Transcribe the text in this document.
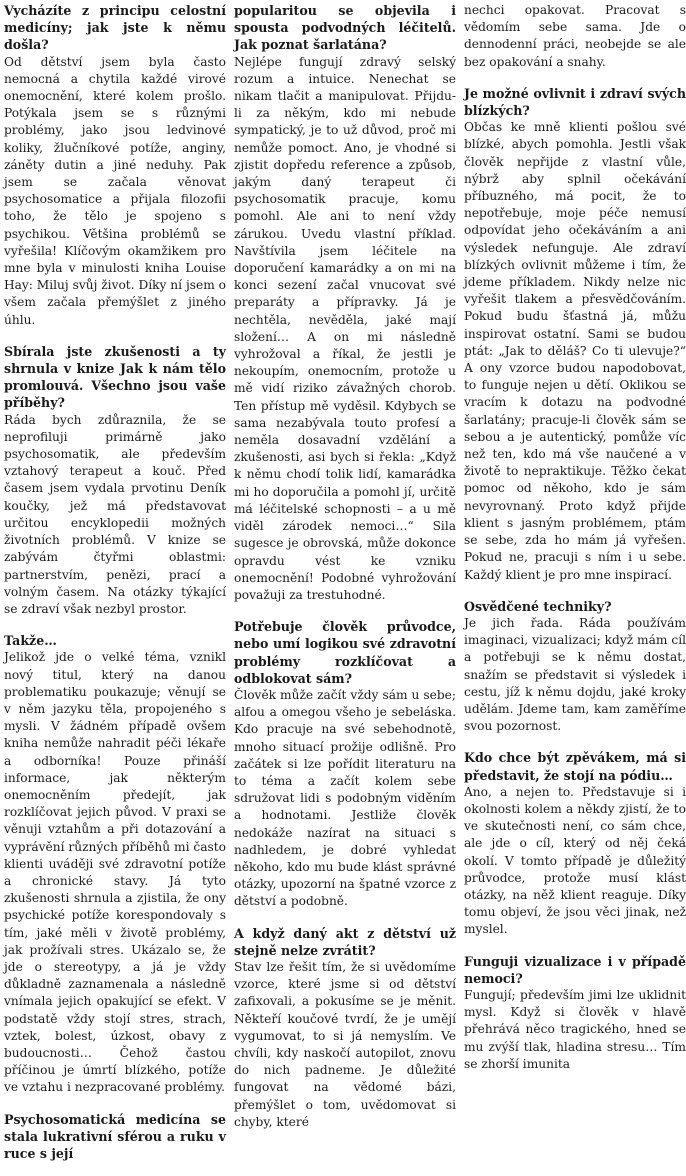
Vycházíte z principu celostní medicíny; jak jste k němu došla?

Od dětství jsem byla často nemocná a chytila každé virové onemocnění, které kolem prošlo. Potýkala jsem se s různými problémy, jako jsou ledvinové koliky, žlučníkové potíže, anginy, záněty dutin a jiné neduhy. Pak jsem se začala věnovat psychosomatice a přijala filozofii toho, že tělo je spojeno s psychikou. Většina problémů se vyřešila! Klíčovým okamžikem pro mne byla v minulosti kniha Louise Hay: Miluj svůj život. Díky ní jsem o všem začala přemýšlet z jiného úhlu.

Sbírala jste zkušenosti a ty shrnula v knize Jak k nám tělo promlouvá. Všechno jsou vaše příběhy?

Ráda bych zdůraznila, že se neprofiluji primárně jako psychosomatik, ale především vztahový terapeut a kouč. Před časem jsem vydala prvotinu Deník koučky, jež má představovat určitou encyklopedii možných životních problémů. V knize se zabývám čtyřmi oblastmi: partnerstvím, penězi, prací a volným časem. Na otázky týkající se zdraví však nezbyl prostor.

Takže…

Jelikož jde o velké téma, vznikl nový titul, který na danou problematiku poukazuje; věnují se v něm jazyku těla, propojeného s mysli. V žádném případě ovšem kniha nemůže nahradit péči lékaře a odborníka! Pouze přináší informace, jak některým onemocněním předejít, jak rozklíčovat jejich původ. V praxi se věnuji vztahům a při dotazování a vyprávění různých příběhů mi často klienti uváději své zdravotní potíže a chronické stavy. Já tyto zkušenosti shrnula a zjistila, že ony psychické potíže korespondovaly s tím, jaké měli v životě problémy, jak prožívali stres. Ukázalo se, že jde o stereotypy, a já je vždy důkladně zaznamenala a následně vnímala jejich opakující se efekt. V podstatě vždy stojí stres, strach, vztek, bolest, úzkost, obavy z budoucnosti… Čehož častou příčinou je úmrtí blízkého, potíže ve vztahu i nezpracované problémy.

Psychosomatická medicína se stala lukrativní sférou a ruku v ruce s její
popularitou se objevila i spousta podvodných léčitelů. Jak poznat šarlatána?

Nejlépe fungují zdravý selský rozum a intuice. Nenechat se nikam tlačit a manipulovat. Přijdu-li za někým, kdo mi nebude sympatický, je to už důvod, proč mi nemůže pomoct. Ano, je vhodné si zjistit dopředu reference a způsob, jakým daný terapeut či psychosomatik pracuje, komu pomohl. Ale ani to není vždy zárukou. Uvedu vlastní příklad. Navštívila jsem léčitele na doporučení kamarádky a on mi na konci sezení začal vnucovat své preparáty a přípravky. Já je nechtěla, nevěděla, jaké mají složení… A on mi následně vyhrožoval a říkal, že jestli je nekoupím, onemocním, protože u mě vidí riziko závažných chorob. Ten přístup mě vyděsil. Kdybych se sama nezabývala touto profesí a neměla dosavadní vzdělání a zkušenosti, asi bych si řekla: „Když k němu chodí tolik lidí, kamarádka mi ho doporučila a pomohl jí, určitě má léčitelské schopnosti – a u mě viděl zárodek nemoci…“ Sila sugesce je obrovská, může dokonce opravdu vést ke vzniku onemocnění! Podobné vyhrožování považuji za trestuhodné.

Potřebuje člověk průvodce, nebo umí logikou své zdravotní problémy rozklíčovat a odblokovat sám?

Člověk může začít vždy sám u sebe; alfou a omegou všeho je sebeláska. Kdo pracuje na své sebehodnotě, mnoho situací prožije odlišně. Pro začátek si lze pořídit literaturu na to téma a začít kolem sebe sdružovat lidi s podobným viděním a hodnotami. Jestliže člověk nedokáže nazírat na situaci s nadhledem, je dobré vyhledat někoho, kdo mu bude klást správné otázky, upozorní na špatné vzorce z dětství a podobně.

A když daný akt z dětství už stejně nelze zvrátit?

Stav lze řešit tím, že si uvědomíme vzorce, které jsme si od dětství zafixovali, a pokusíme se je měnit. Někteří koučové tvrdí, že je umějí vygumovat, to si já nemyslím. Ve chvíli, kdy naskočí autopilot, znovu do nich padneme. Je důležité fungovat na vědomé bázi, přemýšlet o tom, uvědomovat si chyby, které

nechci opakovat. Pracovat s vědomím sebe sama. Jde o dennodenní práci, neobejde se ale bez opakování a snahy.

Je možné ovlivnit i zdraví svých blízkých?

Občas ke mně klienti pošlou své blízké, abych pomohla. Jestli však člověk nepřijde z vlastní vůle, nýbrž aby splnil očekávání příbuzného, má pocit, že to nepotřebuje, moje péče nemusí odpovídat jeho očekáváním a ani výsledek nefunguje. Ale zdraví blízkých ovlivnit můžeme i tím, že jdeme příkladem. Nikdy nelze nic vyřešit tlakem a přesvědčováním. Pokud budu šťastná já, můžu inspirovat ostatní. Sami se budou ptát: „Jak to děláš? Co ti ulevuje?“ A ony vzorce budou napodobovat, to funguje nejen u dětí. Oklikou se vracím k dotazu na podvodné šarlatány; pracuje-li člověk sám se sebou a je autentický, pomůže víc než ten, kdo má vše naučené a v životě to nepraktikuje. Těžko čekat pomoc od někoho, kdo je sám nevyrovnaný. Proto když přijde klient s jasným problémem, ptám se sebe, zda ho mám já vyřešen. Pokud ne, pracuji s ním i u sebe. Každý klient je pro mne inspirací.

Osvědčené techniky?

Je jich řada. Ráda používám imaginaci, vizualizaci; když mám cíl a potřebuji se k němu dostat, snažím se představit si výsledek i cestu, jíž k němu dojdu, jaké kroky udělám. Jdeme tam, kam zaměříme svou pozornost.

Kdo chce být zpěvákem, má si představit, že stojí na pódiu…

Ano, a nejen to. Představuje si i okolnosti kolem a někdy zjistí, že to ve skutečnosti není, co sám chce, ale jde o cíl, který od něj čeká okolí. V tomto případě je důležitý průvodce, protože musí klást otázky, na něž klient reaguje. Díky tomu objeví, že jsou věci jinak, než myslel.

Funguji vizualizace i v případě nemoci?

Fungují; především jimi lze uklidnit mysl. Když si člověk v hlavě přehrává něco tragického, hned se mu zvýší tlak, hladina stresu… Tím se zhorší imunita
